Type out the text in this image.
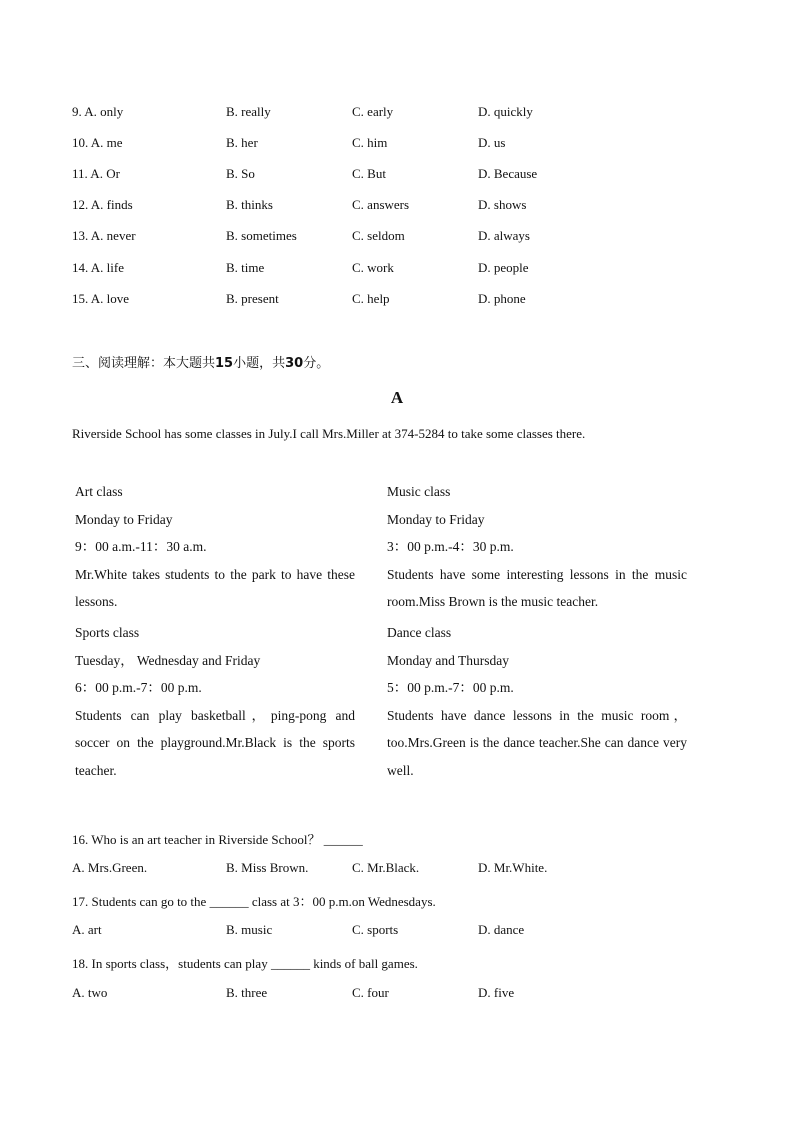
9. A. only	B. really	C. early	D. quickly
10. A. me	B. her	C. him	D. us
11. A. Or	B. So	C. But	D. Because
12. A. finds	B. thinks	C. answers	D. shows
13. A. never	B. sometimes	C. seldom	D. always
14. A. life	B. time	C. work	D. people
15. A. love	B. present	C. help	D. phone
三、阅读理解：本大题共15小题，共30分。
A
Riverside School has some classes in July.I call Mrs.Miller at 374-5284 to take some classes there.
Art class
Monday to Friday
9：00 a.m.-11：30 a.m.
Mr.White takes students to the park to have these lessons.
Music class
Monday to Friday
3：00 p.m.-4：30 p.m.
Students have some interesting lessons in the music room.Miss Brown is the music teacher.
Sports class
Tuesday， Wednesday and Friday
6：00 p.m.-7：00 p.m.
Students can play basketball，ping-pong and soccer on the playground.Mr.Black is the sports teacher.
Dance class
Monday and Thursday
5：00 p.m.-7：00 p.m.
Students have dance lessons in the music room，too.Mrs.Green is the dance teacher.She can dance very well.
16. Who is an art teacher in Riverside School？ ______
A. Mrs.Green.	B. Miss Brown.	C. Mr.Black.	D. Mr.White.
17. Students can go to the ______ class at 3：00 p.m.on Wednesdays.
A. art	B. music	C. sports	D. dance
18. In sports class，students can play ______ kinds of ball games.
A. two	B. three	C. four	D. five
